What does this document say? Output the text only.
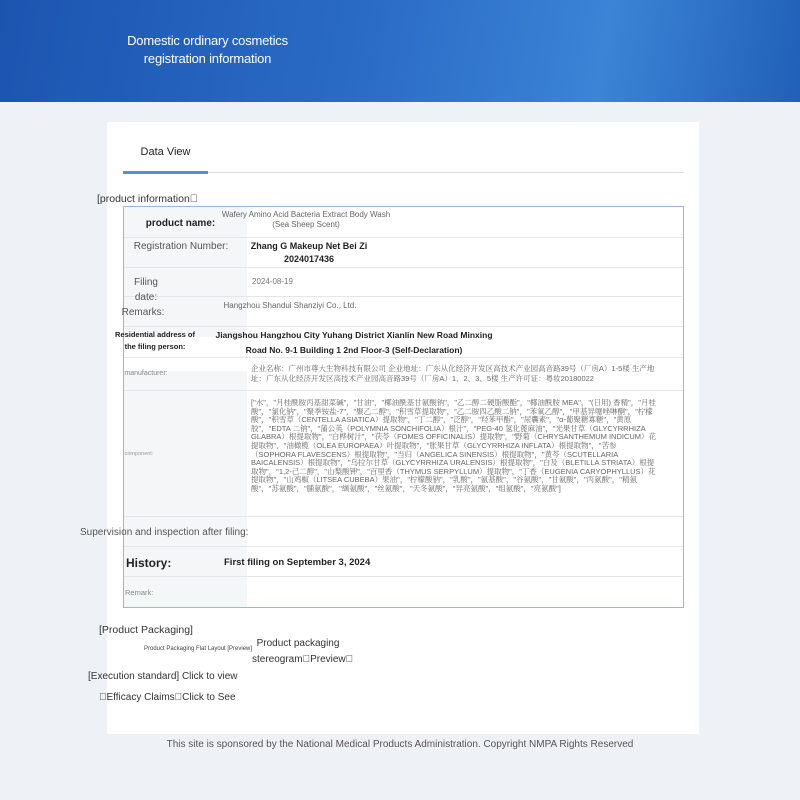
Domestic ordinary cosmetics registration information
Data View
[product information 
product name:
Wafery Amino Acid Bacteria Extract Body Wash (Sea Sheep Scent)
Registration Number:	Zhang G Makeup Net Bei Zi 2024017436
Filing date:
2024-08-19
Remarks:
Hangzhou Shandui Shanziyi Co., Ltd.
Residential address of the filing person:
Jiangshou Hangzhou City Yuhang District Xianlin New Road Minxing Road No. 9-1 Building 1 2nd Floor-3 (Self-Declaration)
manufacturer:
企业名称：广州市尊大生物科技有限公司 企业地址：广东从化经济开发区高技术产业园高音路39号（厂房A）1-5楼 生产地址：广东从化经济开发区高技术产业园高音路39号（厂房A）1、2、3、5楼 生产许可证：粤妆20180022
component:
["水"，"月桂酰胺丙基甜菜碱"，"甘油"，"椰油酰基甘氨酸钠"，"乙二醇二硬脂酸酯"，"椰油酰胺 MEA"，"(日用) 香精"，"月桂酸"，"氯化钠"，"聚季铵盐-7"，"聚乙二醇"，"积雪草提取物"，"乙二胺四乙酸二钠"，"苯氧乙醇"，"甲基异噻唑啉酮"，"柠檬酸"，"积雪草（CENTELLA ASIATICA）提取物"，"丁二醇"，"泛醇"，"羟苯甲酯"，"尿囊素"，"α-葡聚糖寡糖"，"黄原胶"，"EDTA 二钠"，"蒲公英（POLYMNIA SONCHIFOLIA）根汁"，"PEG-40 氢化蓖麻油"，"光果甘草（GLYCYRRHIZA GLABRA）根提取物"，"白桦树汁"，"茯苓（FOMES OFFICINALIS）提取物"，"野菊（CHRYSANTHEMUM INDICUM）花提取物"，"油橄榄（OLEA EUROPAEA）叶提取物"，"胀果甘草（GLYCYRRHIZA INFLATA）根提取物"，"苦参（SOPHORA FLAVESCENS）根提取物"，"当归（ANGELICA SINENSIS）根提取物"，"黄芩（SCUTELLARIA BAICALENSIS）根提取物"，"乌拉尔甘草（GLYCYRRHIZA URALENSIS）根提取物"，"白及（BLETILLA STRIATA）根提取物"，"1,2-己二醇"，"山梨酸钾"，"百里香（THYMUS SERPYLLUM）提取物"，"丁香（EUGENIA CARYOPHYLLUS）花提取物"，"山鸡椒（LITSEA CUBEBA）果油"，"柠檬酸钠"，"乳酸"，"氨基酸"，"谷氨酸"，"甘氨酸"，"丙氨酸"，"精氨酸"，"苏氨酸"，"脯氨酸"，"缬氨酸"，"丝氨酸"，"天冬氨酸"，"异亮氨酸"，"组氨酸"，"亮氨酸"]
History:	First filing on September 3, 2024
Remark:
Supervision and inspection after filing:
[Product Packaging]
Product Packaging Flat Layout [Preview] Product packaging stereogram Preview 
[Execution standard] Click to view
 Efficacy Claims Click to See
This site is sponsored by the National Medical Products Administration. Copyright NMPA Rights Reserved
